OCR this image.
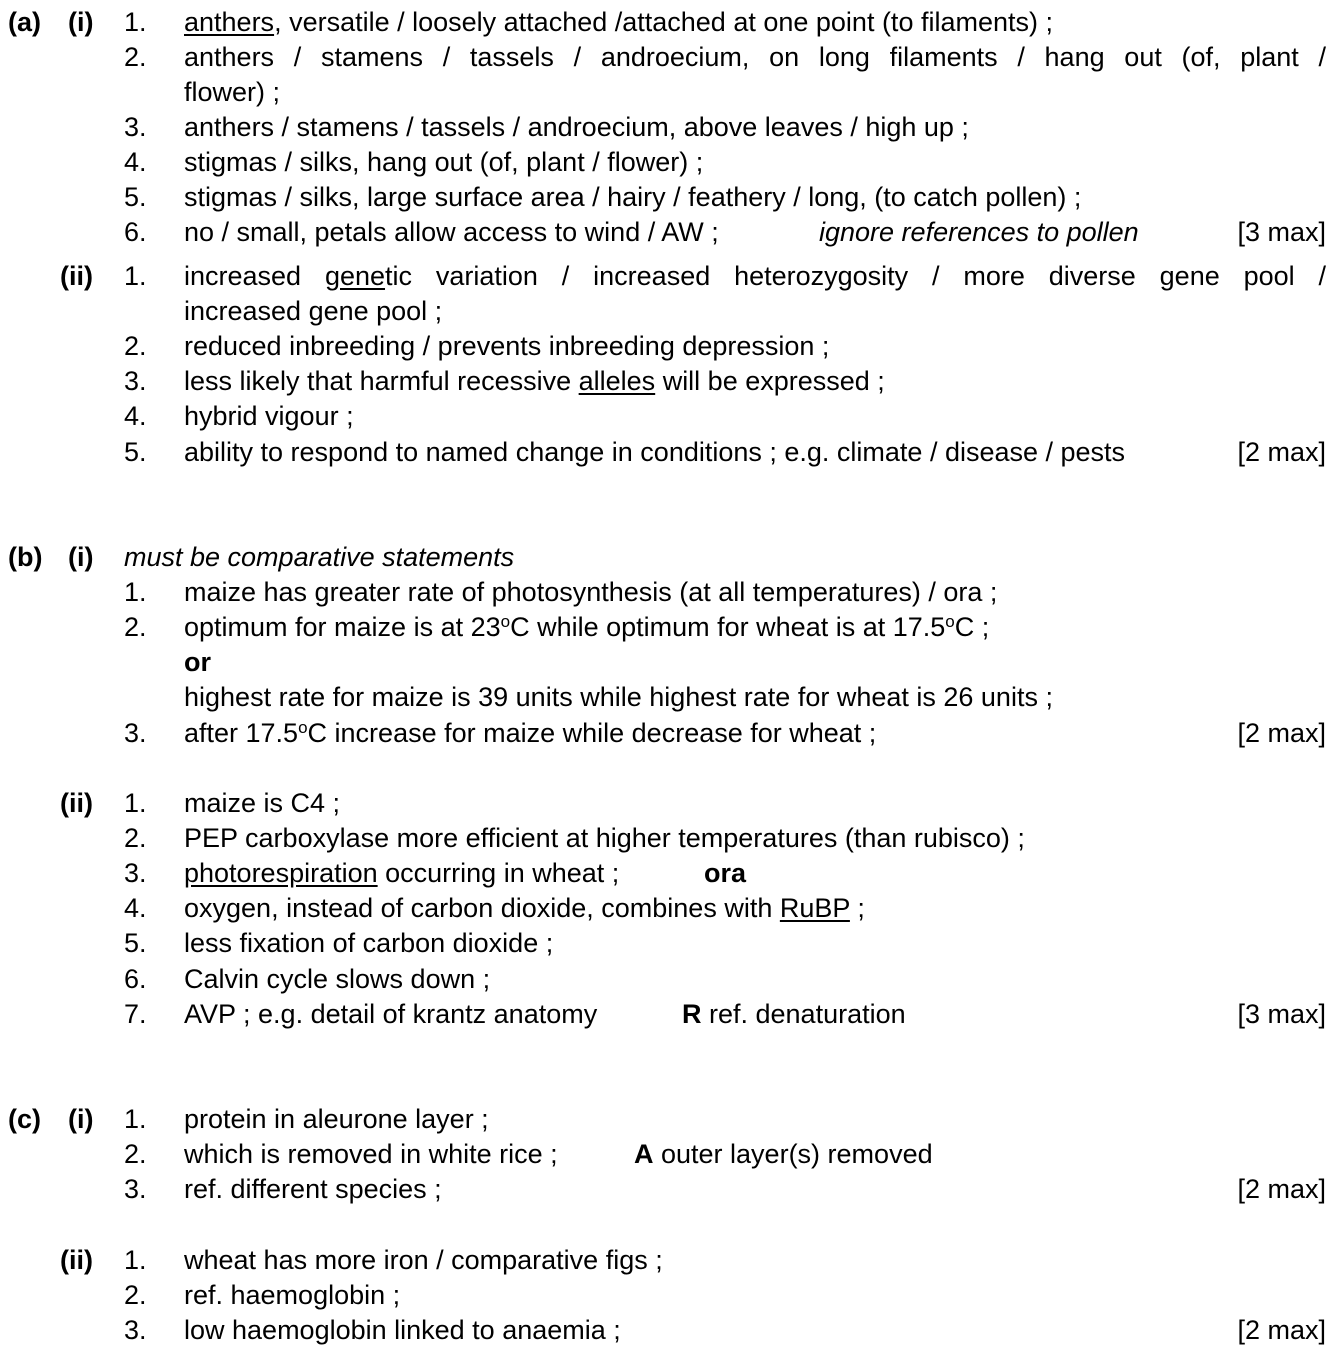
(a) (i) 1. anthers, versatile / loosely attached /attached at one point (to filaments) ;
2. anthers / stamens / tassels / androecium, on long filaments / hang out (of, plant /
flower) ;
3. anthers / stamens / tassels / androecium, above leaves / high up ;
4. stigmas / silks, hang out (of, plant / flower) ;
5. stigmas / silks, large surface area / hairy / feathery / long, (to catch pollen) ;
6. no / small, petals allow access to wind / AW ;	ignore references to pollen	[3 max]
(ii) 1. increased genetic variation / increased heterozygosity / more diverse gene pool /
increased gene pool ;
2. reduced inbreeding / prevents inbreeding depression ;
3. less likely that harmful recessive alleles will be expressed ;
4. hybrid vigour ;
5. ability to respond to named change in conditions ; e.g. climate / disease / pests	[2 max]
(b) (i) must be comparative statements
1. maize has greater rate of photosynthesis (at all temperatures) / ora ;
2. optimum for maize is at 23$^o$C while optimum for wheat is at 17.5$^o$C ;
or
highest rate for maize is 39 units while highest rate for wheat is 26 units ;
3. after 17.5$^o$C increase for maize while decrease for wheat ;	[2 max]
(ii) 1. maize is C4 ;
2. PEP carboxylase more efficient at higher temperatures (than rubisco) ;
3. photorespiration occurring in wheat ;	ora
4. oxygen, instead of carbon dioxide, combines with RuBP ;
5. less fixation of carbon dioxide ;
6. Calvin cycle slows down ;
7. AVP ; e.g. detail of krantz anatomy	R ref. denaturation	[3 max]
(c) (i) 1. protein in aleurone layer ;
2. which is removed in white rice ;	A outer layer(s) removed
3. ref. different species ;	[2 max]
(ii) 1. wheat has more iron / comparative figs ;
2. ref. haemoglobin ;
3. low haemoglobin linked to anaemia ;	[2 max]
